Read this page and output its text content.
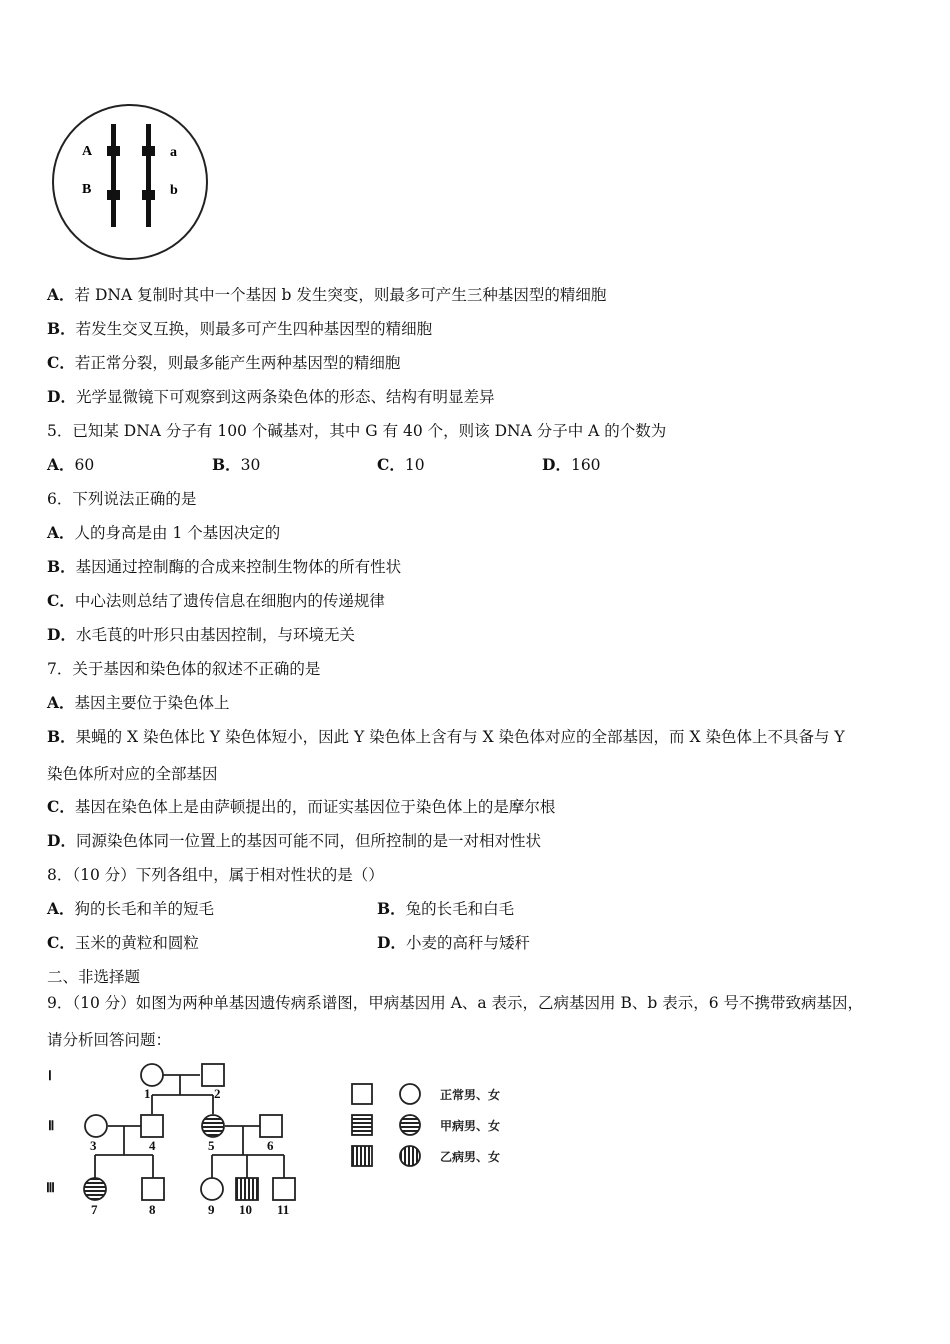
A
B
a
b
A．若 DNA 复制时其中一个基因 b 发生突变，则最多可产生三种基因型的精细胞
B．若发生交叉互换，则最多可产生四种基因型的精细胞
C．若正常分裂，则最多能产生两种基因型的精细胞
D．光学显微镜下可观察到这两条染色体的形态、结构有明显差异
5．已知某 DNA 分子有 100 个碱基对，其中 G 有 40 个，则该 DNA 分子中 A 的个数为
A．60	B．30	C．10	D．160
6．下列说法正确的是
A．人的身高是由 1 个基因决定的
B．基因通过控制酶的合成来控制生物体的所有性状
C．中心法则总结了遗传信息在细胞内的传递规律
D．水毛茛的叶形只由基因控制，与环境无关
7．关于基因和染色体的叙述不正确的是
A．基因主要位于染色体上
B．果蝇的 X 染色体比 Y 染色体短小，因此 Y 染色体上含有与 X 染色体对应的全部基因，而 X 染色体上不具备与 Y
染色体所对应的全部基因
C．基因在染色体上是由萨顿提出的，而证实基因位于染色体上的是摩尔根
D．同源染色体同一位置上的基因可能不同，但所控制的是一对相对性状
8．（10 分）下列各组中，属于相对性状的是（）
A．狗的长毛和羊的短毛	B．兔的长毛和白毛
C．玉米的黄粒和圆粒	D．小麦的高秆与矮秆
二、非选择题
9．（10 分）如图为两种单基因遗传病系谱图，甲病基因用 A、a 表示，乙病基因用 B、b 表示，6 号不携带致病基因，
请分析回答问题：
Ⅰ
Ⅱ
Ⅲ
1	2
3	4	5	6
7	8	9 10 11
正常男、女
甲病男、女
乙病男、女
